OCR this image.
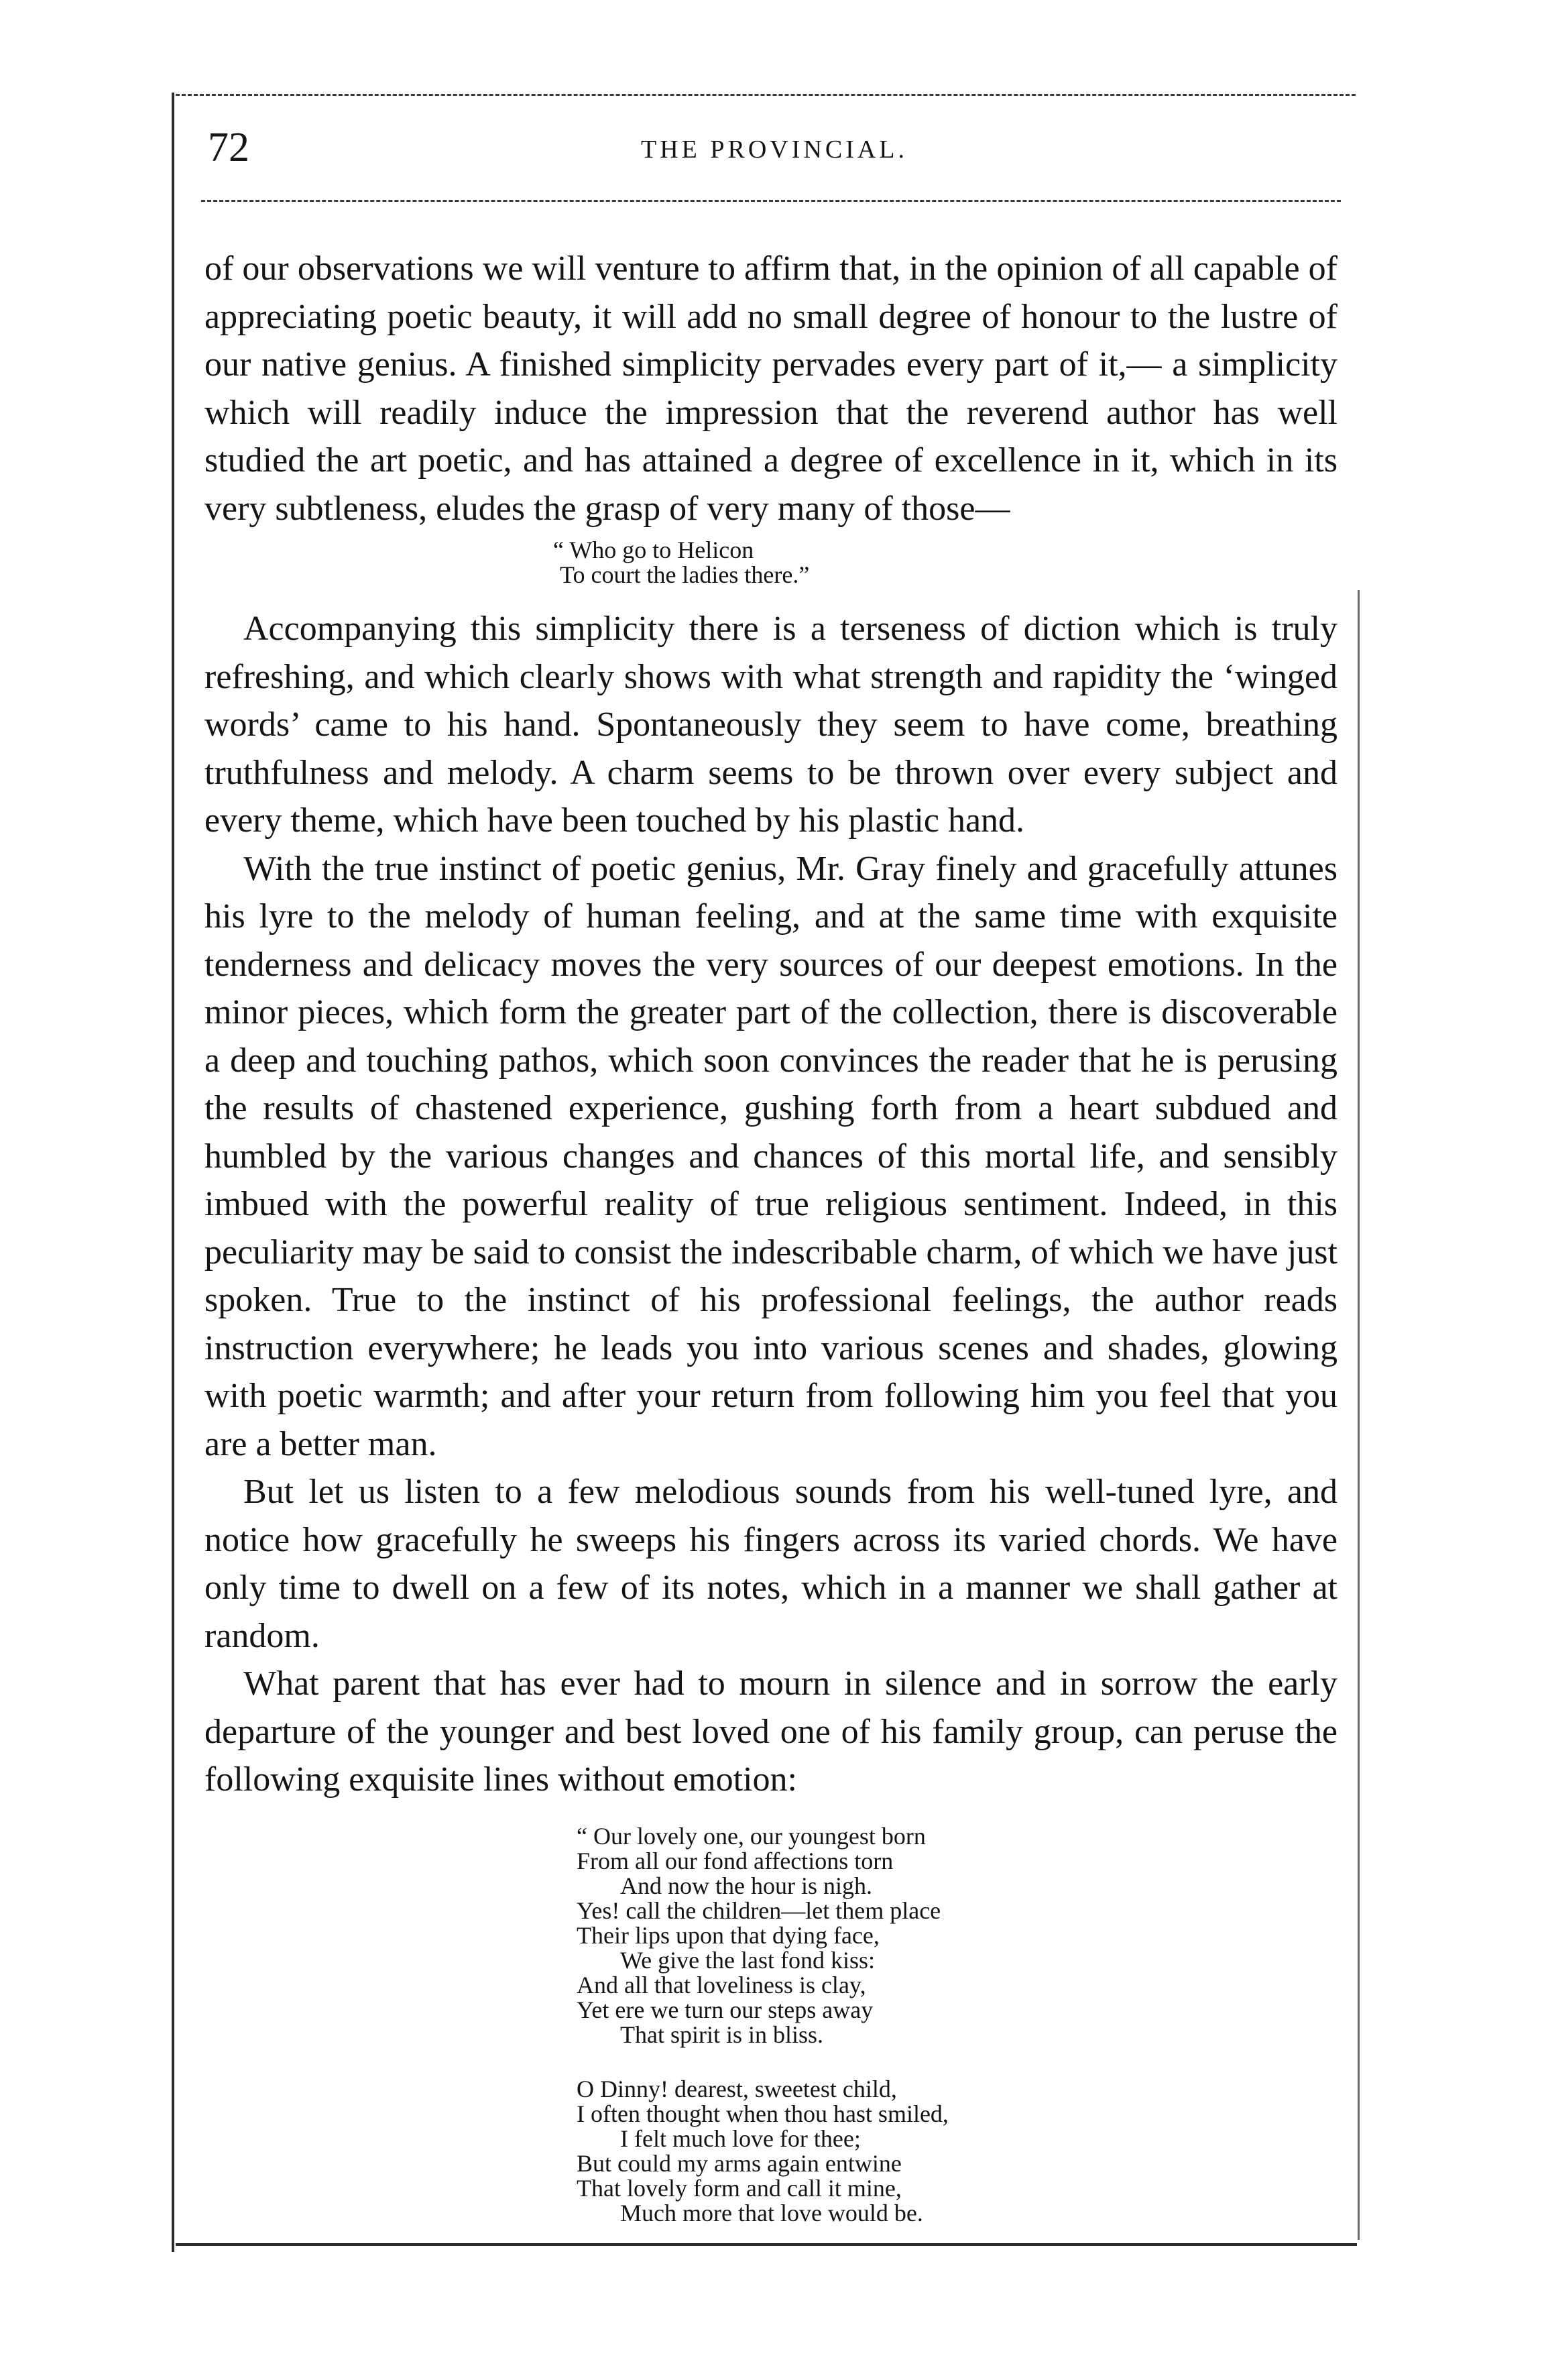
72	THE PROVINCIAL.

of our observations we will venture to affirm that, in the opinion of all capable of appreciating poetic beauty, it will add no small degree of honour to the lustre of our native genius. A finished simplicity pervades every part of it,— a simplicity which will readily induce the impression that the reverend author has well studied the art poetic, and has attained a degree of excellence in it, which in its very subtleness, eludes the grasp of very many of those—

“ Who go to Helicon
To court the ladies there.”

Accompanying this simplicity there is a terseness of diction which is truly refreshing, and which clearly shows with what strength and rapidity the ‘winged words’ came to his hand. Spontaneously they seem to have come, breathing truthfulness and melody. A charm seems to be thrown over every subject and every theme, which have been touched by his plastic hand.

With the true instinct of poetic genius, Mr. Gray finely and gracefully attunes his lyre to the melody of human feeling, and at the same time with exquisite tenderness and delicacy moves the very sources of our deepest emotions. In the minor pieces, which form the greater part of the collection, there is discoverable a deep and touching pathos, which soon convinces the reader that he is perusing the results of chastened experience, gushing forth from a heart subdued and humbled by the various changes and chances of this mortal life, and sensibly imbued with the powerful reality of true religious sentiment. Indeed, in this peculiarity may be said to consist the indescribable charm, of which we have just spoken. True to the instinct of his professional feelings, the author reads instruction everywhere; he leads you into various scenes and shades, glowing with poetic warmth; and after your return from following him you feel that you are a better man.

But let us listen to a few melodious sounds from his well-tuned lyre, and notice how gracefully he sweeps his fingers across its varied chords. We have only time to dwell on a few of its notes, which in a manner we shall gather at random.

What parent that has ever had to mourn in silence and in sorrow the early departure of the younger and best loved one of his family group, can peruse the following exquisite lines without emotion:

“ Our lovely one, our youngest born
From all our fond affections torn
And now the hour is nigh.
Yes! call the children—let them place
Their lips upon that dying face,
We give the last fond kiss:
And all that loveliness is clay,
Yet ere we turn our steps away
That spirit is in bliss.
O Dinny! dearest, sweetest child,
I often thought when thou hast smiled,
I felt much love for thee;
But could my arms again entwine
That lovely form and call it mine,
Much more that love would be.
